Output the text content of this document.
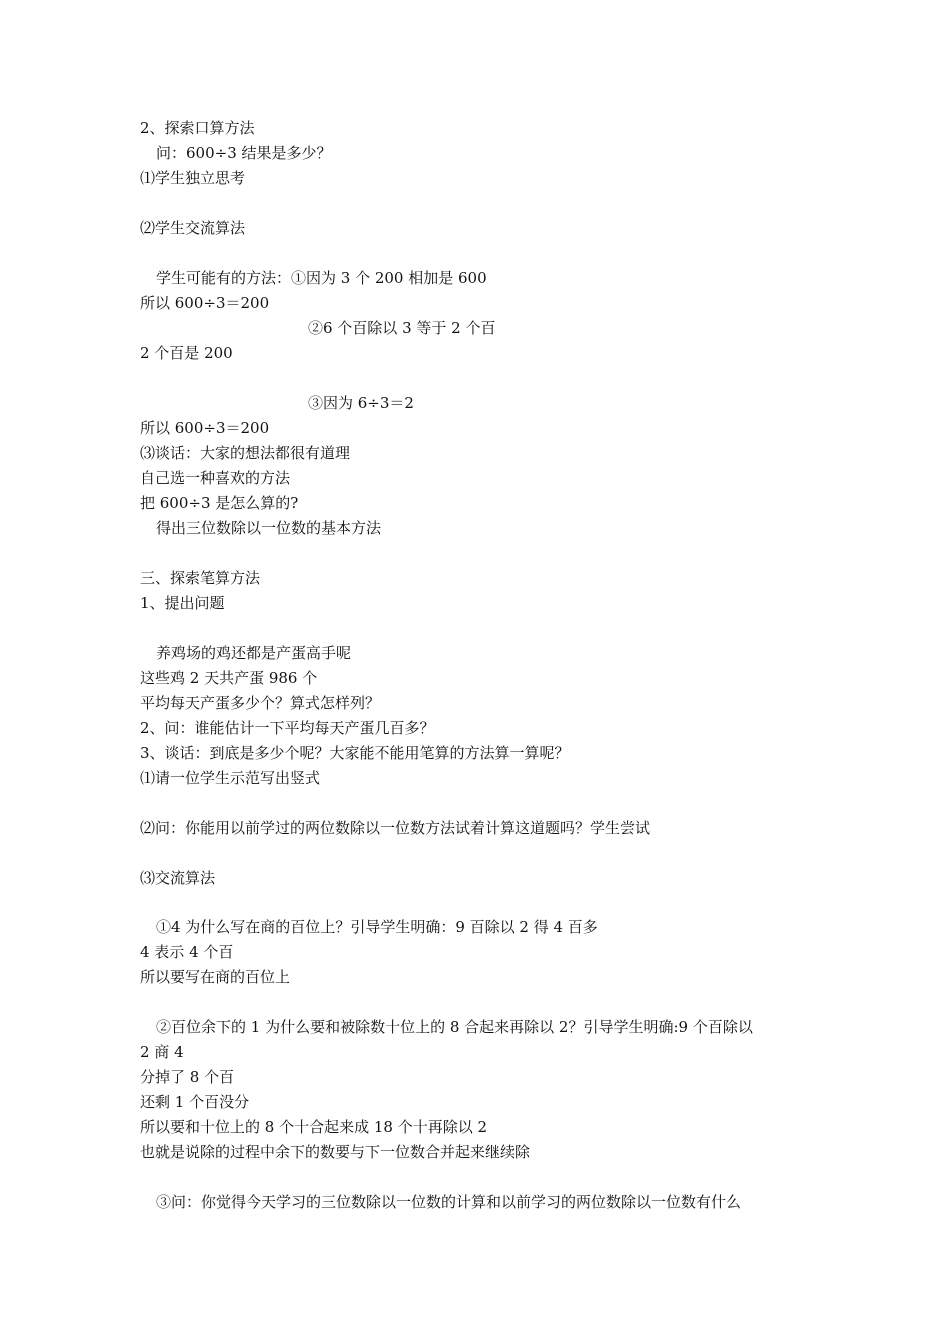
2、探索口算方法
问：600÷3 结果是多少？
⑴学生独立思考
⑵学生交流算法
学生可能有的方法：①因为 3 个 200 相加是 600
所以 600÷3＝200
②6 个百除以 3 等于 2 个百
2 个百是 200
③因为 6÷3＝2
所以 600÷3＝200
⑶谈话：大家的想法都很有道理
自己选一种喜欢的方法
把 600÷3 是怎么算的?
得出三位数除以一位数的基本方法
三、探索笔算方法
1、提出问题
养鸡场的鸡还都是产蛋高手呢
这些鸡 2 天共产蛋 986 个
平均每天产蛋多少个？算式怎样列？
2、问：谁能估计一下平均每天产蛋几百多？
3、谈话：到底是多少个呢？大家能不能用笔算的方法算一算呢？
⑴请一位学生示范写出竖式
⑵问：你能用以前学过的两位数除以一位数方法试着计算这道题吗？学生尝试
⑶交流算法
①4 为什么写在商的百位上？引导学生明确：9 百除以 2 得 4 百多
4 表示 4 个百
所以要写在商的百位上
②百位余下的 1 为什么要和被除数十位上的 8 合起来再除以 2？引导学生明确:9 个百除以
2 商 4
分掉了 8 个百
还剩 1 个百没分
所以要和十位上的 8 个十合起来成 18 个十再除以 2
也就是说除的过程中余下的数要与下一位数合并起来继续除
③问：你觉得今天学习的三位数除以一位数的计算和以前学习的两位数除以一位数有什么
